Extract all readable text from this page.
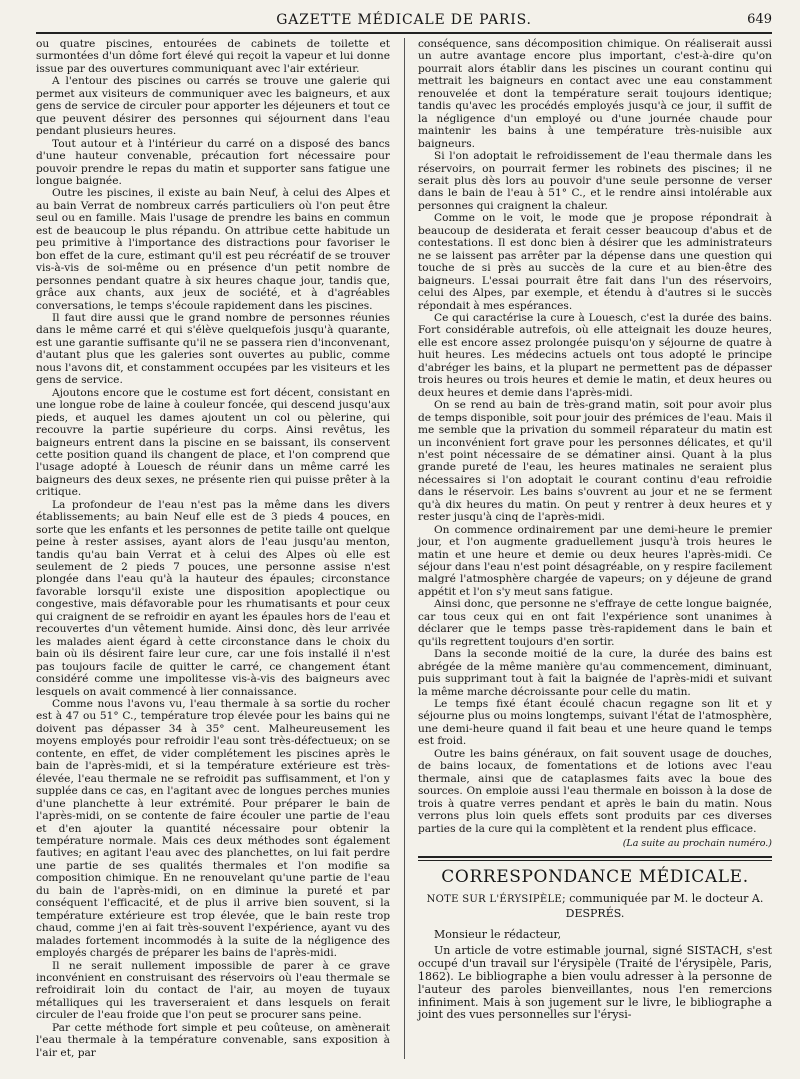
GAZETTE MÉDICALE DE PARIS.	649

ou quatre piscines, entourées de cabinets de toilette et surmontées d'un dôme fort élevé qui reçoit la vapeur et lui donne issue par des ouvertures communiquant avec l'air extérieur.

A l'entour des piscines ou carrés se trouve une galerie qui permet aux visiteurs de communiquer avec les baigneurs, et aux gens de service de circuler pour apporter les déjeuners et tout ce que peuvent désirer des personnes qui séjournent dans l'eau pendant plusieurs heures.

Tout autour et à l'intérieur du carré on a disposé des bancs d'une hauteur convenable, précaution fort nécessaire pour pouvoir prendre le repas du matin et supporter sans fatigue une longue baignée.

Outre les piscines, il existe au bain Neuf, à celui des Alpes et au bain Verrat de nombreux carrés particuliers où l'on peut être seul ou en famille. Mais l'usage de prendre les bains en commun est de beaucoup le plus répandu. On attribue cette habitude un peu primitive à l'importance des distractions pour favoriser le bon effet de la cure, estimant qu'il est peu récréatif de se trouver vis-à-vis de soi-même ou en présence d'un petit nombre de personnes pendant quatre à six heures chaque jour, tandis que, grâce aux chants, aux jeux de société, et à d'agréables conversations, le temps s'écoule rapidement dans les piscines.

Il faut dire aussi que le grand nombre de personnes réunies dans le même carré et qui s'élève quelquefois jusqu'à quarante, est une garantie suffisante qu'il ne se passera rien d'inconvenant, d'autant plus que les galeries sont ouvertes au public, comme nous l'avons dit, et constamment occupées par les visiteurs et les gens de service.

Ajoutons encore que le costume est fort décent, consistant en une longue robe de laine à couleur foncée, qui descend jusqu'aux pieds, et auquel les dames ajoutent un col ou pèlerine, qui recouvre la partie supérieure du corps. Ainsi revêtus, les baigneurs entrent dans la piscine en se baissant, ils conservent cette position quand ils changent de place, et l'on comprend que l'usage adopté à Louesch de réunir dans un même carré les baigneurs des deux sexes, ne présente rien qui puisse prêter à la critique.

La profondeur de l'eau n'est pas la même dans les divers établissements; au bain Neuf elle est de 3 pieds 4 pouces, en sorte que les enfants et les personnes de petite taille ont quelque peine à rester assises, ayant alors de l'eau jusqu'au menton, tandis qu'au bain Verrat et à celui des Alpes où elle est seulement de 2 pieds 7 pouces, une personne assise n'est plongée dans l'eau qu'à la hauteur des épaules; circonstance favorable lorsqu'il existe une disposition apoplectique ou congestive, mais défavorable pour les rhumatisants et pour ceux qui craignent de se refroidir en ayant les épaules hors de l'eau et recouvertes d'un vêtement humide. Ainsi donc, dès leur arrivée les malades aient égard à cette circonstance dans le choix du bain où ils désirent faire leur cure, car une fois installé il n'est pas toujours facile de quitter le carré, ce changement étant considéré comme une impolitesse vis-à-vis des baigneurs avec lesquels on avait commencé à lier connaissance.

Comme nous l'avons vu, l'eau thermale à sa sortie du rocher est à 47 ou 51° C., température trop élevée pour les bains qui ne doivent pas dépasser 34 à 35° cent. Malheureusement les moyens employés pour refroidir l'eau sont très-défectueux; on se contente, en effet, de vider complétement les piscines après le bain de l'après-midi, et si la température extérieure est très-élevée, l'eau thermale ne se refroidit pas suffisamment, et l'on y supplée dans ce cas, en l'agitant avec de longues perches munies d'une planchette à leur extrémité. Pour préparer le bain de l'après-midi, on se contente de faire écouler une partie de l'eau et d'en ajouter la quantité nécessaire pour obtenir la température normale. Mais ces deux méthodes sont également fautives; en agitant l'eau avec des planchettes, on lui fait perdre une partie de ses qualités thermales et l'on modifie sa composition chimique. En ne renouvelant qu'une partie de l'eau du bain de l'après-midi, on en diminue la pureté et par conséquent l'efficacité, et de plus il arrive bien souvent, si la température extérieure est trop élevée, que le bain reste trop chaud, comme j'en ai fait très-souvent l'expérience, ayant vu des malades fortement incommodés à la suite de la négligence des employés chargés de préparer les bains de l'après-midi.

Il ne serait nullement impossible de parer à ce grave inconvénient en construisant des réservoirs où l'eau thermale se refroidirait loin du contact de l'air, au moyen de tuyaux métalliques qui les traverseraient et dans lesquels on ferait circuler de l'eau froide que l'on peut se procurer sans peine.

Par cette méthode fort simple et peu coûteuse, on amènerait l'eau thermale à la température convenable, sans exposition à l'air et, par

conséquence, sans décomposition chimique. On réaliserait aussi un autre avantage encore plus important, c'est-à-dire qu'on pourrait alors établir dans les piscines un courant continu qui mettrait les baigneurs en contact avec une eau constamment renouvelée et dont la température serait toujours identique; tandis qu'avec les procédés employés jusqu'à ce jour, il suffit de la négligence d'un employé ou d'une journée chaude pour maintenir les bains à une température très-nuisible aux baigneurs.

Si l'on adoptait le refroidissement de l'eau thermale dans les réservoirs, on pourrait fermer les robinets des piscines; il ne serait plus dès lors au pouvoir d'une seule personne de verser dans le bain de l'eau à 51° C., et le rendre ainsi intolérable aux personnes qui craignent la chaleur.

Comme on le voit, le mode que je propose répondrait à beaucoup de desiderata et ferait cesser beaucoup d'abus et de contestations. Il est donc bien à désirer que les administrateurs ne se laissent pas arrêter par la dépense dans une question qui touche de si près au succès de la cure et au bien-être des baigneurs. L'essai pourrait être fait dans l'un des réservoirs, celui des Alpes, par exemple, et étendu à d'autres si le succès répondait à mes espérances.

Ce qui caractérise la cure à Louesch, c'est la durée des bains. Fort considérable autrefois, où elle atteignait les douze heures, elle est encore assez prolongée puisqu'on y séjourne de quatre à huit heures. Les médecins actuels ont tous adopté le principe d'abréger les bains, et la plupart ne permettent pas de dépasser trois heures ou trois heures et demie le matin, et deux heures ou deux heures et demie dans l'après-midi.

On se rend au bain de très-grand matin, soit pour avoir plus de temps disponible, soit pour jouir des prémices de l'eau. Mais il me semble que la privation du sommeil réparateur du matin est un inconvénient fort grave pour les personnes délicates, et qu'il n'est point nécessaire de se dématiner ainsi. Quant à la plus grande pureté de l'eau, les heures matinales ne seraient plus nécessaires si l'on adoptait le courant continu d'eau refroidie dans le réservoir. Les bains s'ouvrent au jour et ne se ferment qu'à dix heures du matin. On peut y rentrer à deux heures et y rester jusqu'à cinq de l'après-midi.

On commence ordinairement par une demi-heure le premier jour, et l'on augmente graduellement jusqu'à trois heures le matin et une heure et demie ou deux heures l'après-midi. Ce séjour dans l'eau n'est point désagréable, on y respire facilement malgré l'atmosphère chargée de vapeurs; on y déjeune de grand appétit et l'on s'y meut sans fatigue.

Ainsi donc, que personne ne s'effraye de cette longue baignée, car tous ceux qui en ont fait l'expérience sont unanimes à déclarer que le temps passe très-rapidement dans le bain et qu'ils regrettent toujours d'en sortir.

Dans la seconde moitié de la cure, la durée des bains est abrégée de la même manière qu'au commencement, diminuant, puis supprimant tout à fait la baignée de l'après-midi et suivant la même marche décroissante pour celle du matin.

Le temps fixé étant écoulé chacun regagne son lit et y séjourne plus ou moins longtemps, suivant l'état de l'atmosphère, une demi-heure quand il fait beau et une heure quand le temps est froid.

Outre les bains généraux, on fait souvent usage de douches, de bains locaux, de fomentations et de lotions avec l'eau thermale, ainsi que de cataplasmes faits avec la boue des sources. On emploie aussi l'eau thermale en boisson à la dose de trois à quatre verres pendant et après le bain du matin. Nous verrons plus loin quels effets sont produits par ces diverses parties de la cure qui la complètent et la rendent plus efficace.

(La suite au prochain numéro.)
CORRESPONDANCE MÉDICALE.
NOTE SUR L'ÉRYSIPÈLE; communiquée par M. le docteur A. DESPRÉS.
Monsieur le rédacteur,

Un article de votre estimable journal, signé SISTACH, s'est occupé d'un travail sur l'érysipèle (Traité de l'érysipèle, Paris, 1862). Le bibliographe a bien voulu adresser à la personne de l'auteur des paroles bienveillantes, nous l'en remercions infiniment. Mais à son jugement sur le livre, le bibliographe a joint des vues personnelles sur l'érysi-
